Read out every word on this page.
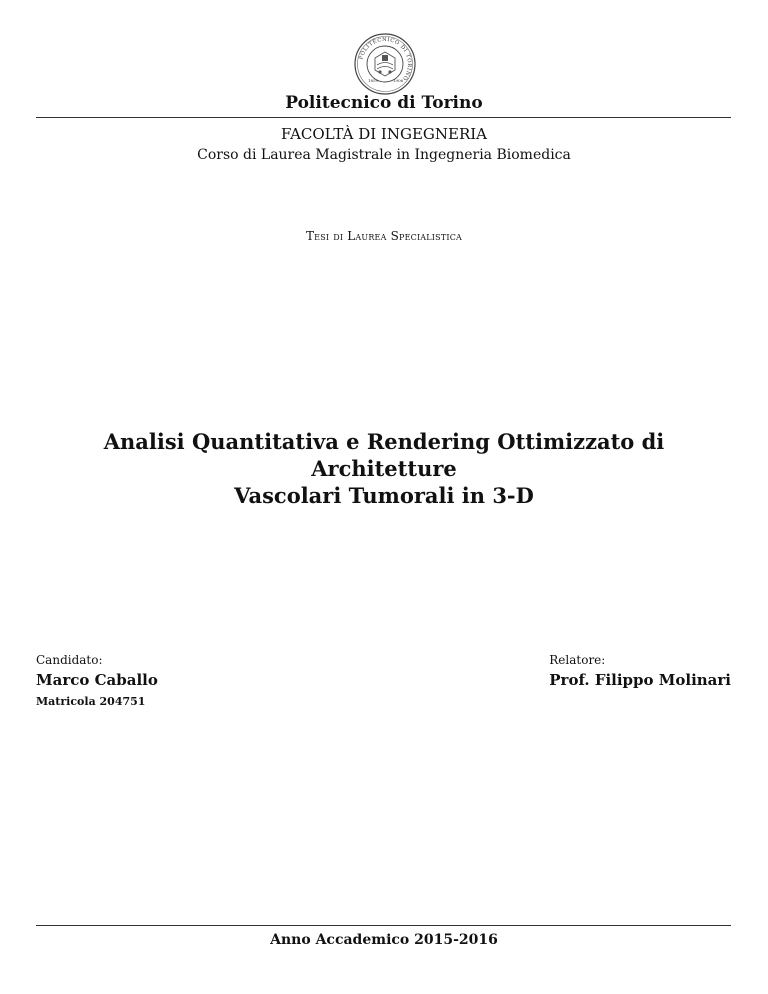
POLITECNICO DI TORINO
1859	1906
Politecnico di Torino
FACOLTÀ DI INGEGNERIA
Corso di Laurea Magistrale in Ingegneria Biomedica
Tesi di Laurea Specialistica
Analisi Quantitativa e Rendering Ottimizzato di Architetture
Vascolari Tumorali in 3-D
Candidato:
Marco Caballo
Matricola 204751
Relatore:
Prof. Filippo Molinari
Anno Accademico 2015-2016
